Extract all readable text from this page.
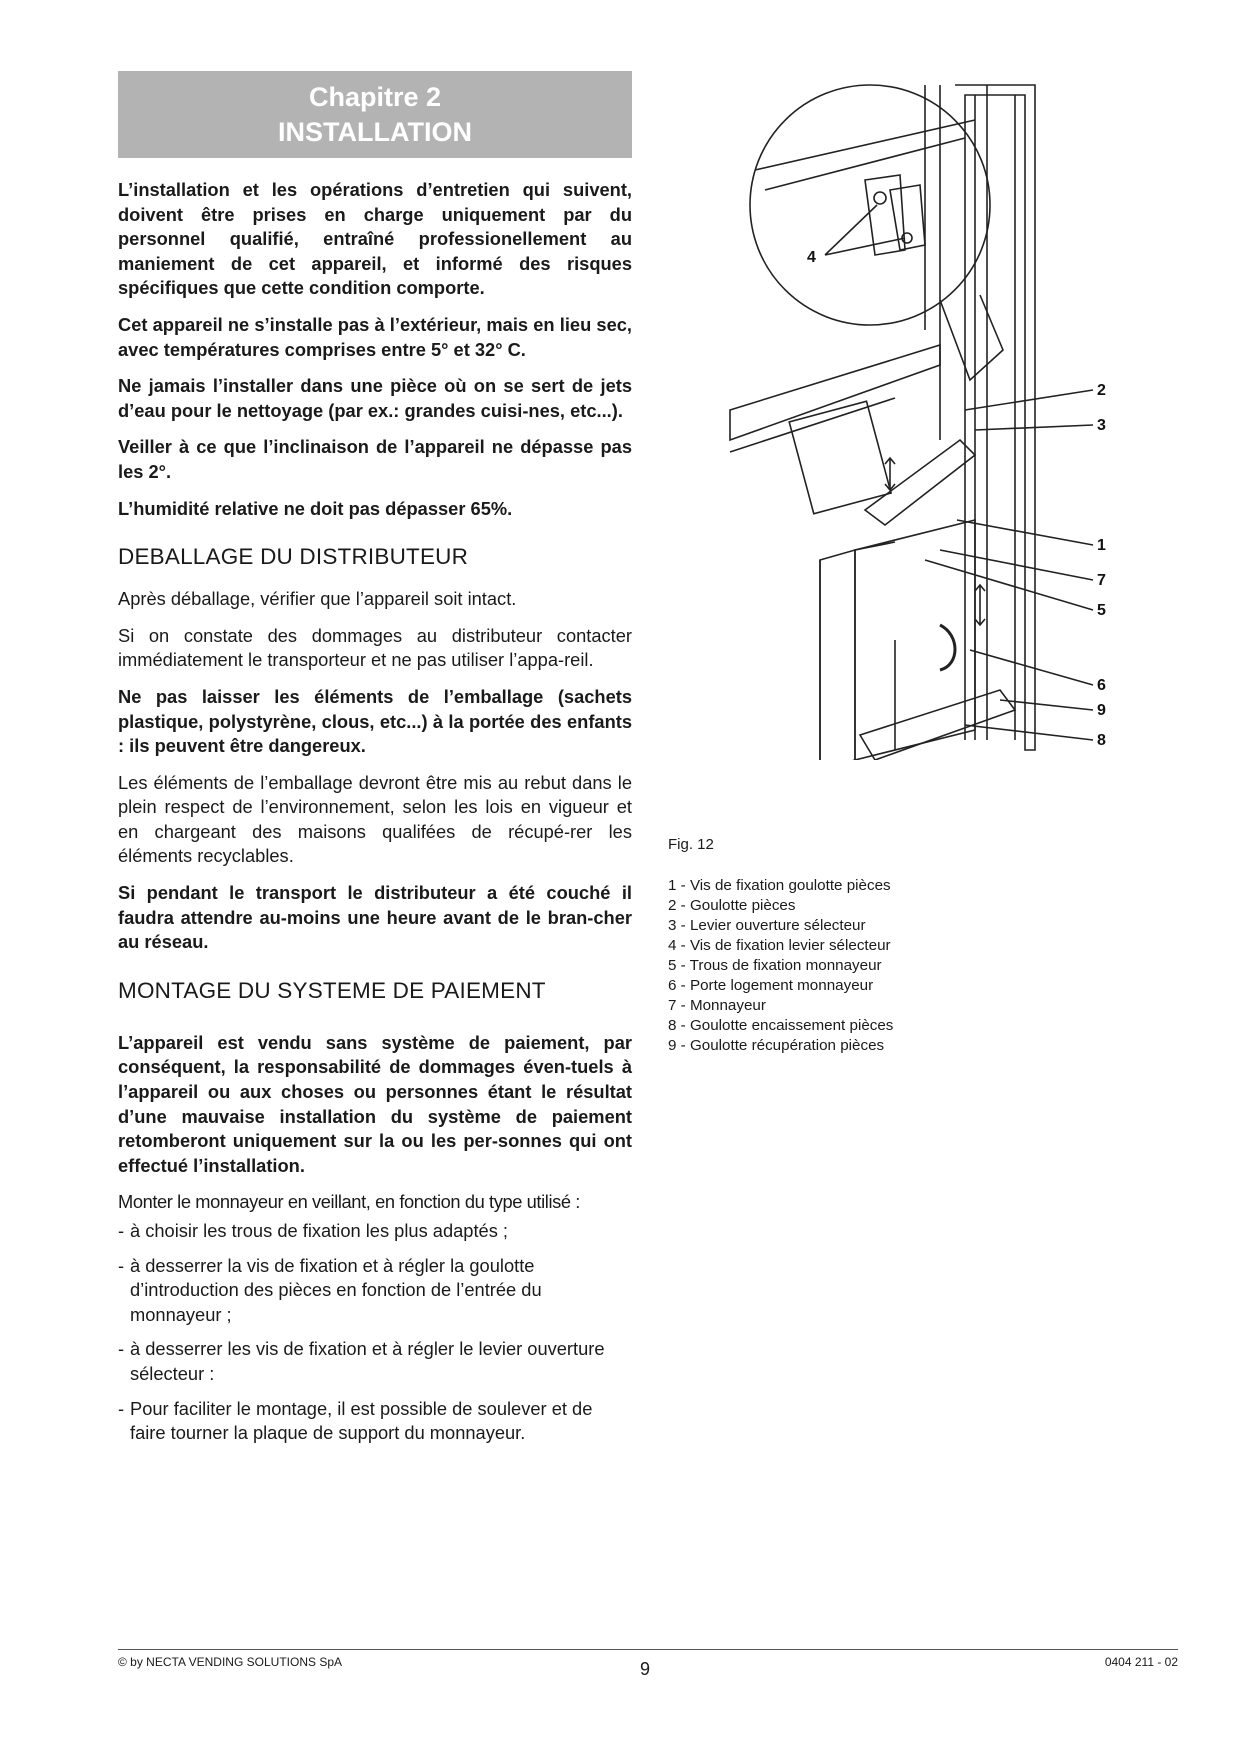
Chapitre 2
INSTALLATION

L’installation et les opérations d’entretien qui suivent, doivent être prises en charge uniquement par du personnel qualifié, entraîné professionellement au maniement de cet appareil, et informé des risques spécifiques que cette condition comporte.

Cet appareil ne s’installe pas à l’extérieur, mais en lieu sec, avec températures comprises entre 5° et 32° C.

Ne jamais l’installer dans une pièce où on se sert de jets d’eau pour le nettoyage (par ex.: grandes cuisi-nes, etc...).

Veiller à ce que l’inclinaison de l’appareil ne dépasse pas les 2°.

L’humidité relative ne doit pas dépasser 65%.

DEBALLAGE DU DISTRIBUTEUR

Après déballage, vérifier que l’appareil soit intact.

Si on constate des dommages au distributeur contacter immédiatement le transporteur et ne pas utiliser l’appa-reil.

Ne pas laisser les éléments de l’emballage (sachets plastique, polystyrène, clous, etc...) à la portée des enfants : ils peuvent être dangereux.

Les éléments de l’emballage devront être mis au rebut dans le plein respect de l’environnement, selon les lois en vigueur et en chargeant des maisons qualifées de récupé-rer les éléments recyclables.

Si pendant le transport le distributeur a été couché il faudra attendre au-moins une heure avant de le bran-cher au réseau.

MONTAGE DU SYSTEME DE PAIEMENT

L’appareil est vendu sans système de paiement, par conséquent, la responsabilité de dommages éven-tuels à l’appareil ou aux choses ou personnes étant le résultat d’une mauvaise installation du système de paiement retomberont uniquement sur la ou les per-sonnes qui ont effectué l’installation.

Monter le monnayeur en veillant, en fonction du type utilisé :

- à choisir les trous de fixation les plus adaptés ;
- à desserrer la vis de fixation et à régler la goulotte d’introduction des pièces en fonction de l’entrée du monnayeur ;
- à desserrer les vis de fixation et à régler le levier ouverture sélecteur :
- Pour faciliter le montage, il est possible de soulever et de faire tourner la plaque de support du monnayeur.
4
2
3
1
7
5
6
9
8
Fig. 12
1 - Vis de fixation goulotte pièces
2 - Goulotte pièces
3 - Levier ouverture sélecteur
4 - Vis de fixation levier sélecteur
5 - Trous de fixation monnayeur
6 - Porte logement monnayeur
7 - Monnayeur
8 - Goulotte encaissement pièces
9 - Goulotte récupération pièces
© by NECTA VENDING SOLUTIONS SpA	9	0404 211 - 02
